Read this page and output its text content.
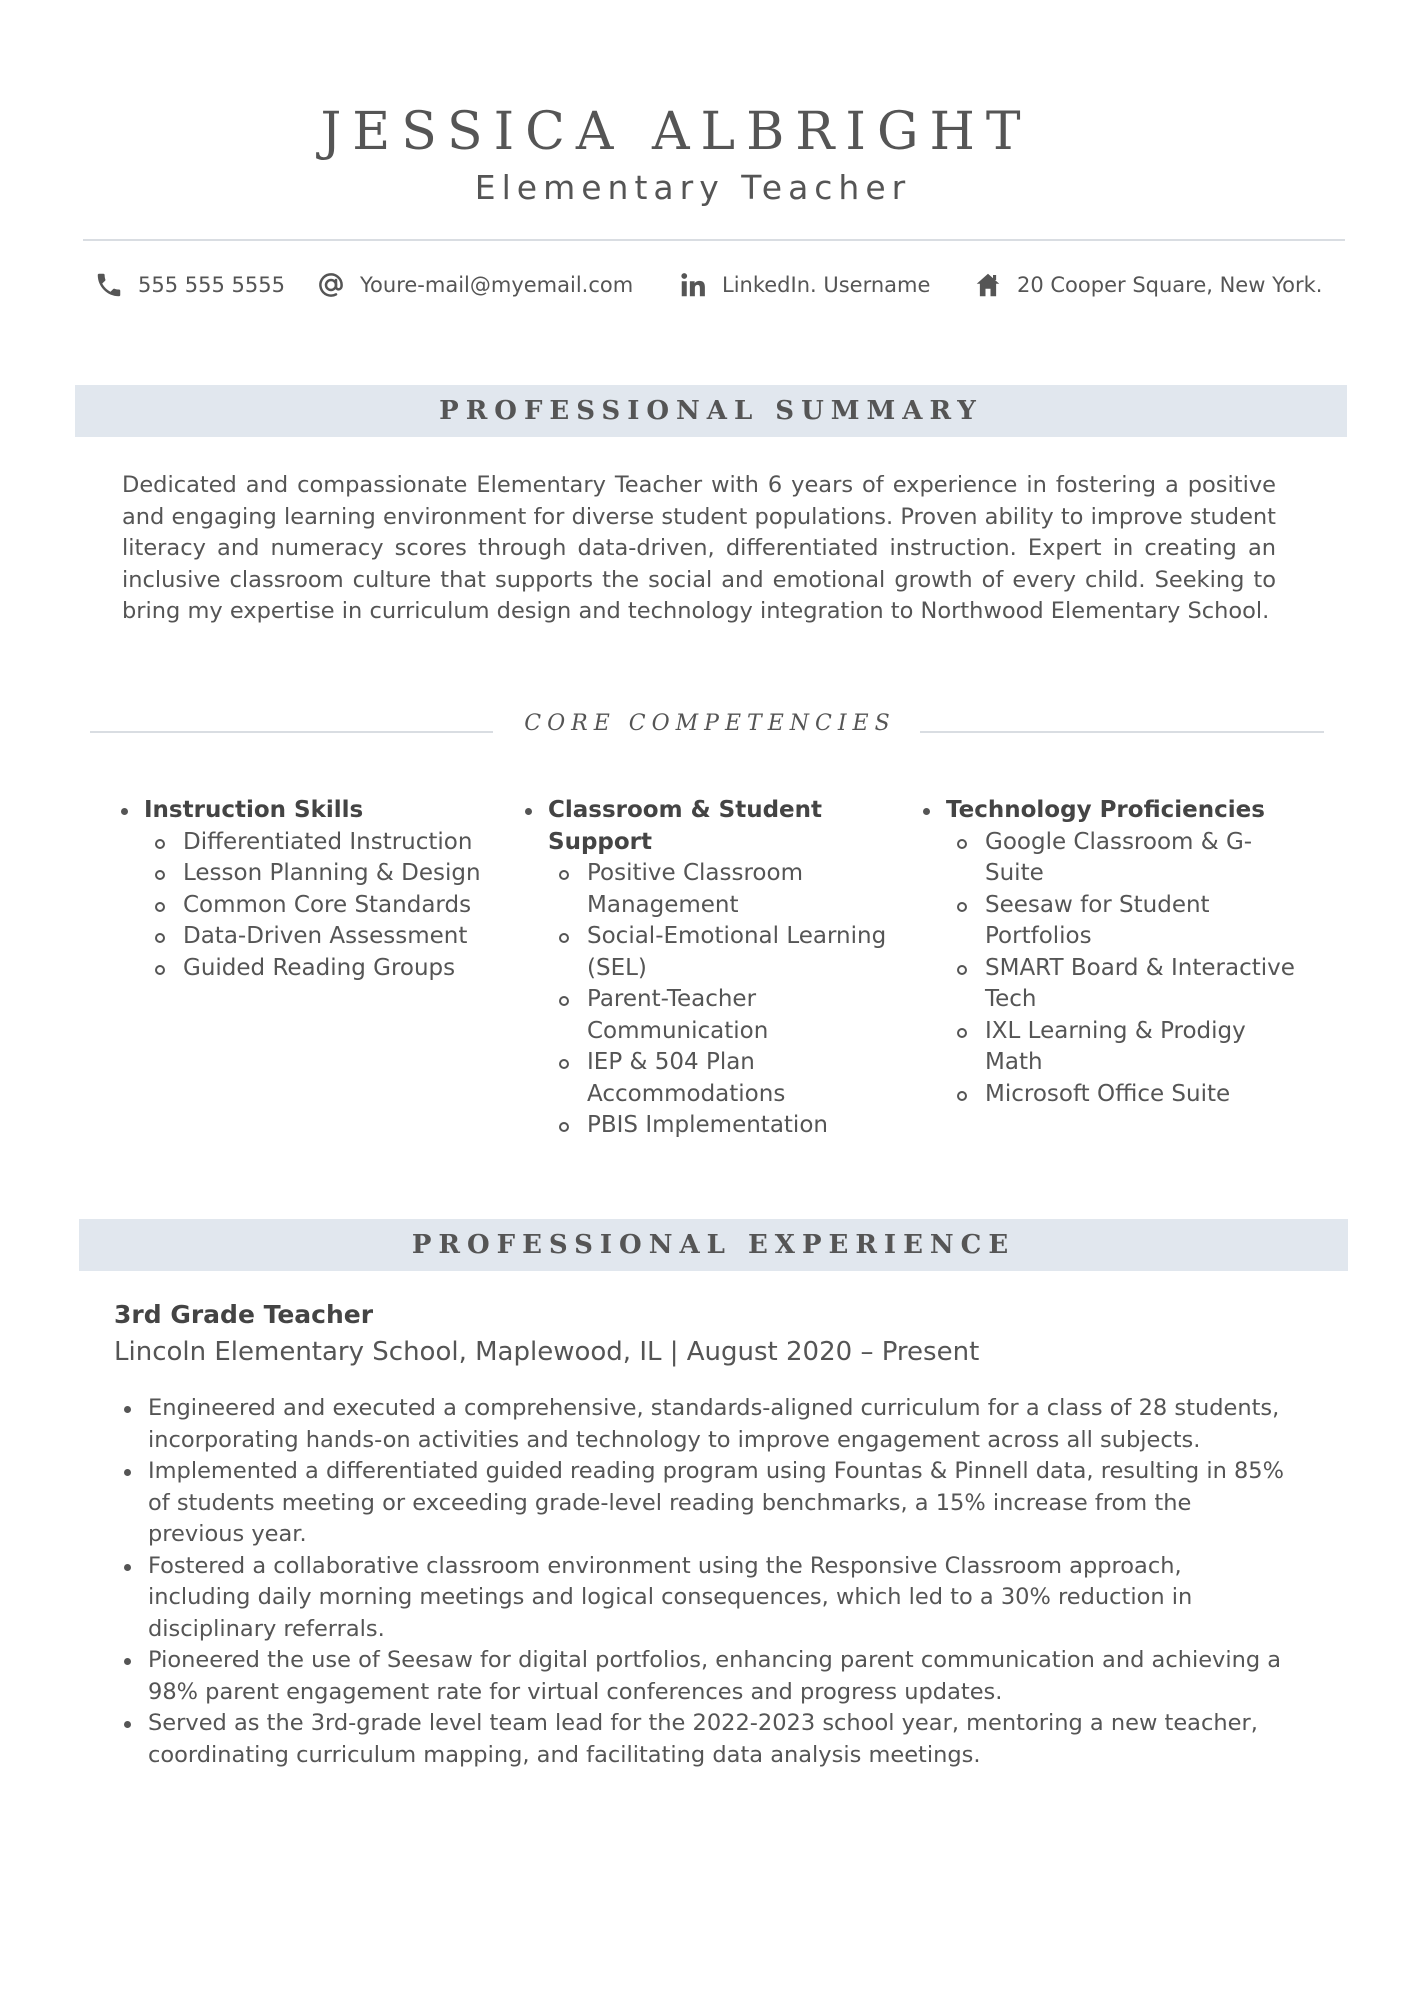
JESSICA ALBRIGHT
Elementary Teacher
555 555 5555	Youre-mail@myemail.com	LinkedIn. Username	20 Cooper Square, New York.
PROFESSIONAL SUMMARY
Dedicated and compassionate Elementary Teacher with 6 years of experience in fostering a positive and engaging learning environment for diverse student populations. Proven ability to improve student literacy and numeracy scores through data-driven, differentiated instruction. Expert in creating an inclusive classroom culture that supports the social and emotional growth of every child. Seeking to bring my expertise in curriculum design and technology integration to Northwood Elementary School.
CORE COMPETENCIES
Instruction Skills
Differentiated Instruction
Lesson Planning & Design
Common Core Standards
Data-Driven Assessment
Guided Reading Groups
Classroom & Student Support
Positive Classroom Management
Social-Emotional Learning (SEL)
Parent-Teacher Communication
IEP & 504 Plan Accommodations
PBIS Implementation
Technology Proficiencies
Google Classroom & G-Suite
Seesaw for Student Portfolios
SMART Board & Interactive Tech
IXL Learning & Prodigy Math
Microsoft Office Suite
PROFESSIONAL EXPERIENCE
3rd Grade Teacher
Lincoln Elementary School, Maplewood, IL | August 2020 – Present
Engineered and executed a comprehensive, standards-aligned curriculum for a class of 28 students, incorporating hands-on activities and technology to improve engagement across all subjects.
Implemented a differentiated guided reading program using Fountas & Pinnell data, resulting in 85% of students meeting or exceeding grade-level reading benchmarks, a 15% increase from the previous year.
Fostered a collaborative classroom environment using the Responsive Classroom approach, including daily morning meetings and logical consequences, which led to a 30% reduction in disciplinary referrals.
Pioneered the use of Seesaw for digital portfolios, enhancing parent communication and achieving a 98% parent engagement rate for virtual conferences and progress updates.
Served as the 3rd-grade level team lead for the 2022-2023 school year, mentoring a new teacher, coordinating curriculum mapping, and facilitating data analysis meetings.
